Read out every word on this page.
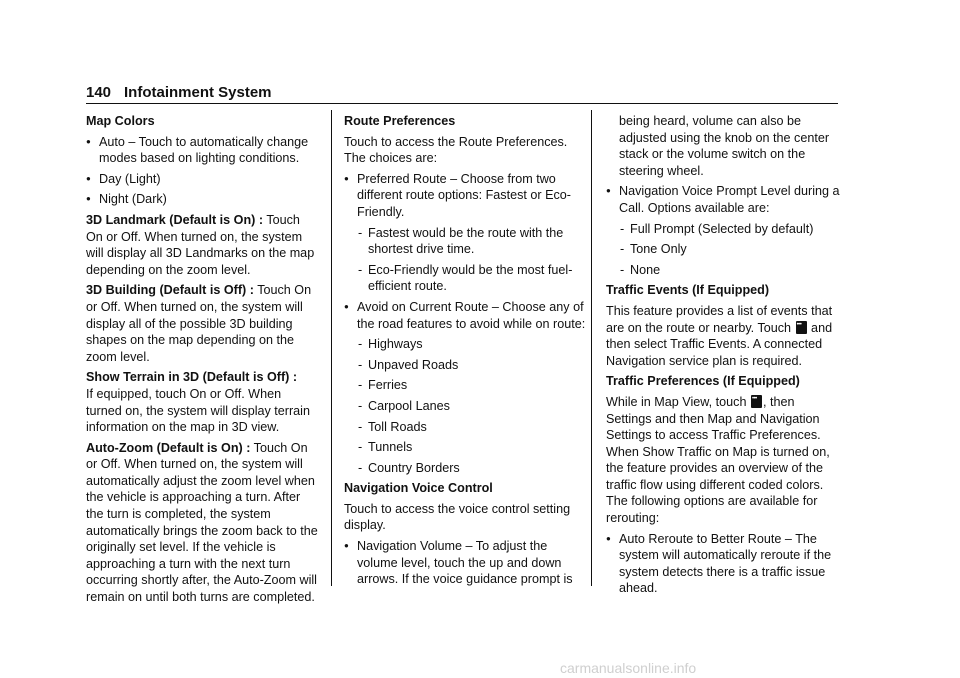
140 Infotainment System
Map Colors
● Auto – Touch to automatically change modes based on lighting conditions.
● Day (Light)
● Night (Dark)
3D Landmark (Default is On) : Touch On or Off. When turned on, the system will display all 3D Landmarks on the map depending on the zoom level.
3D Building (Default is Off) : Touch On or Off. When turned on, the system will display all of the possible 3D building shapes on the map depending on the zoom level.
Show Terrain in 3D (Default is Off) :
If equipped, touch On or Off. When turned on, the system will display terrain information on the map in 3D view.
Auto-Zoom (Default is On) : Touch On or Off. When turned on, the system will automatically adjust the zoom level when the vehicle is approaching a turn. After the turn is completed, the system automatically brings the zoom back to the originally set level. If the vehicle is approaching a turn with the next turn occurring shortly after, the Auto-Zoom will remain on until both turns are completed.
Route Preferences
Touch to access the Route Preferences. The choices are:
● Preferred Route – Choose from two different route options: Fastest or Eco-Friendly.
- Fastest would be the route with the shortest drive time.
- Eco-Friendly would be the most fuel-efficient route.
● Avoid on Current Route – Choose any of the road features to avoid while on route:
- Highways
- Unpaved Roads
- Ferries
- Carpool Lanes
- Toll Roads
- Tunnels
- Country Borders
Navigation Voice Control
Touch to access the voice control setting display.
● Navigation Volume – To adjust the volume level, touch the up and down arrows. If the voice guidance prompt is
being heard, volume can also be adjusted using the knob on the center stack or the volume switch on the steering wheel.
● Navigation Voice Prompt Level during a Call. Options available are:
- Full Prompt (Selected by default)
- Tone Only
- None
Traffic Events (If Equipped)
This feature provides a list of events that are on the route or nearby. Touch ••• and then select Traffic Events. A connected Navigation service plan is required.
Traffic Preferences (If Equipped)
While in Map View, touch •••, then Settings and then Map and Navigation Settings to access Traffic Preferences. When Show Traffic on Map is turned on, the feature provides an overview of the traffic flow using different coded colors. The following options are available for rerouting:
● Auto Reroute to Better Route – The system will automatically reroute if the system detects there is a traffic issue ahead.
carmanualsonline.info
